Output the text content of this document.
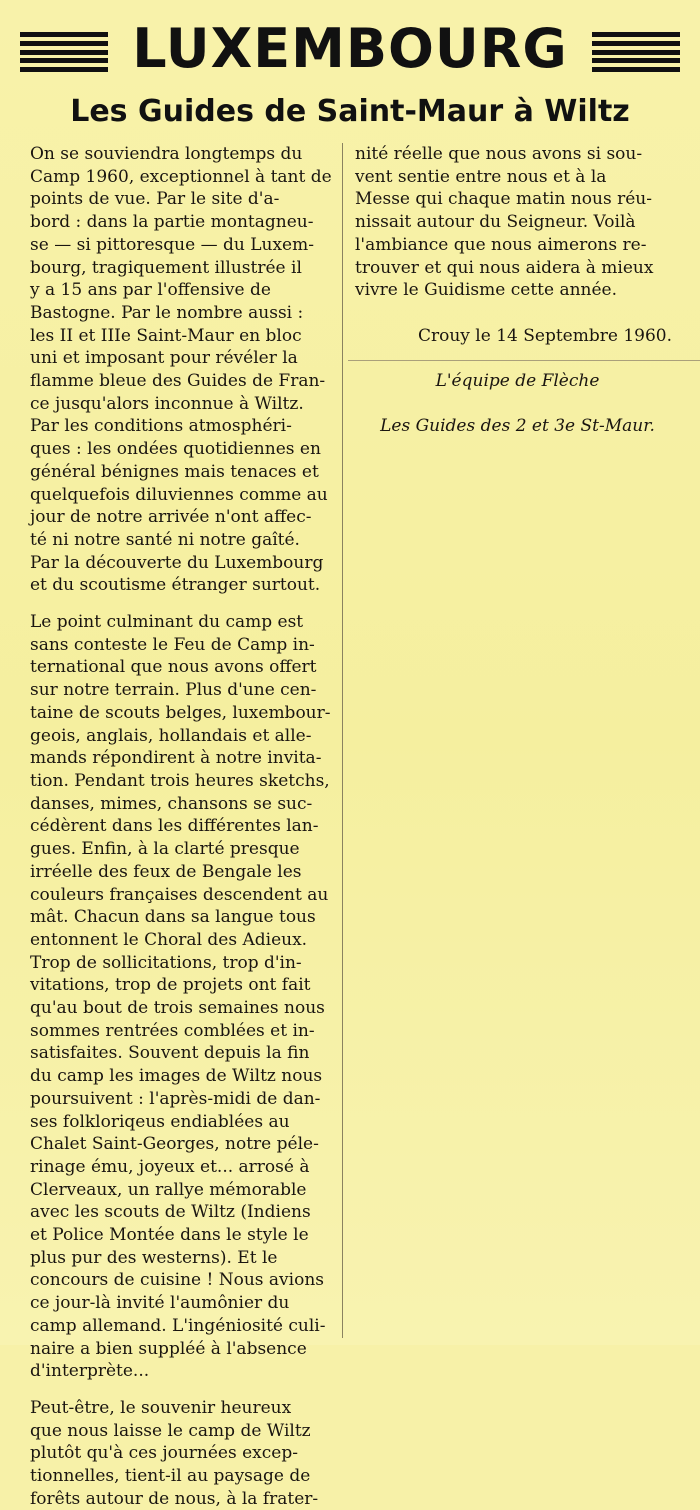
LUXEMBOURG
Les Guides de Saint-Maur à Wiltz

On se souviendra longtemps du
Camp 1960, exceptionnel à tant de
points de vue. Par le site d'a-
bord : dans la partie montagneu-
se — si pittoresque — du Luxem-
bourg, tragiquement illustrée il
y a 15 ans par l'offensive de
Bastogne. Par le nombre aussi :
les II et IIIe Saint-Maur en bloc
uni et imposant pour révéler la
flamme bleue des Guides de Fran-
ce jusqu'alors inconnue à Wiltz.
Par les conditions atmosphéri-
ques : les ondées quotidiennes en
général bénignes mais tenaces et
quelquefois diluviennes comme au
jour de notre arrivée n'ont affec-
té ni notre santé ni notre gaîté.
Par la découverte du Luxembourg
et du scoutisme étranger surtout.

Le point culminant du camp est
sans conteste le Feu de Camp in-
ternational que nous avons offert
sur notre terrain. Plus d'une cen-
taine de scouts belges, luxembour-
geois, anglais, hollandais et alle-
mands répondirent à notre invita-
tion. Pendant trois heures sketchs,
danses, mimes, chansons se suc-
cédèrent dans les différentes lan-
gues. Enfin, à la clarté presque
irréelle des feux de Bengale les
couleurs françaises descendent au
mât. Chacun dans sa langue tous
entonnent le Choral des Adieux.
Trop de sollicitations, trop d'in-
vitations, trop de projets ont fait
qu'au bout de trois semaines nous
sommes rentrées comblées et in-
satisfaites. Souvent depuis la fin
du camp les images de Wiltz nous
poursuivent : l'après-midi de dan-
ses folkloriqeus endiablées au
Chalet Saint-Georges, notre péle-
rinage ému, joyeux et... arrosé à
Clerveaux, un rallye mémorable
avec les scouts de Wiltz (Indiens
et Police Montée dans le style le
plus pur des westerns). Et le
concours de cuisine ! Nous avions
ce jour-là invité l'aumônier du
camp allemand. L'ingéniosité culi-
naire a bien suppléé à l'absence
d'interprète...

Peut-être, le souvenir heureux
que nous laisse le camp de Wiltz
plutôt qu'à ces journées excep-
tionnelles, tient-il au paysage de
forêts autour de nous, à la frater-

nité réelle que nous avons si sou-
vent sentie entre nous et à la
Messe qui chaque matin nous réu-
nissait autour du Seigneur. Voilà
l'ambiance que nous aimerons re-
trouver et qui nous aidera à mieux
vivre le Guidisme cette année.

Crouy le 14 Septembre 1960.

L'équipe de Flèche

Les Guides des 2 et 3e St-Maur.
